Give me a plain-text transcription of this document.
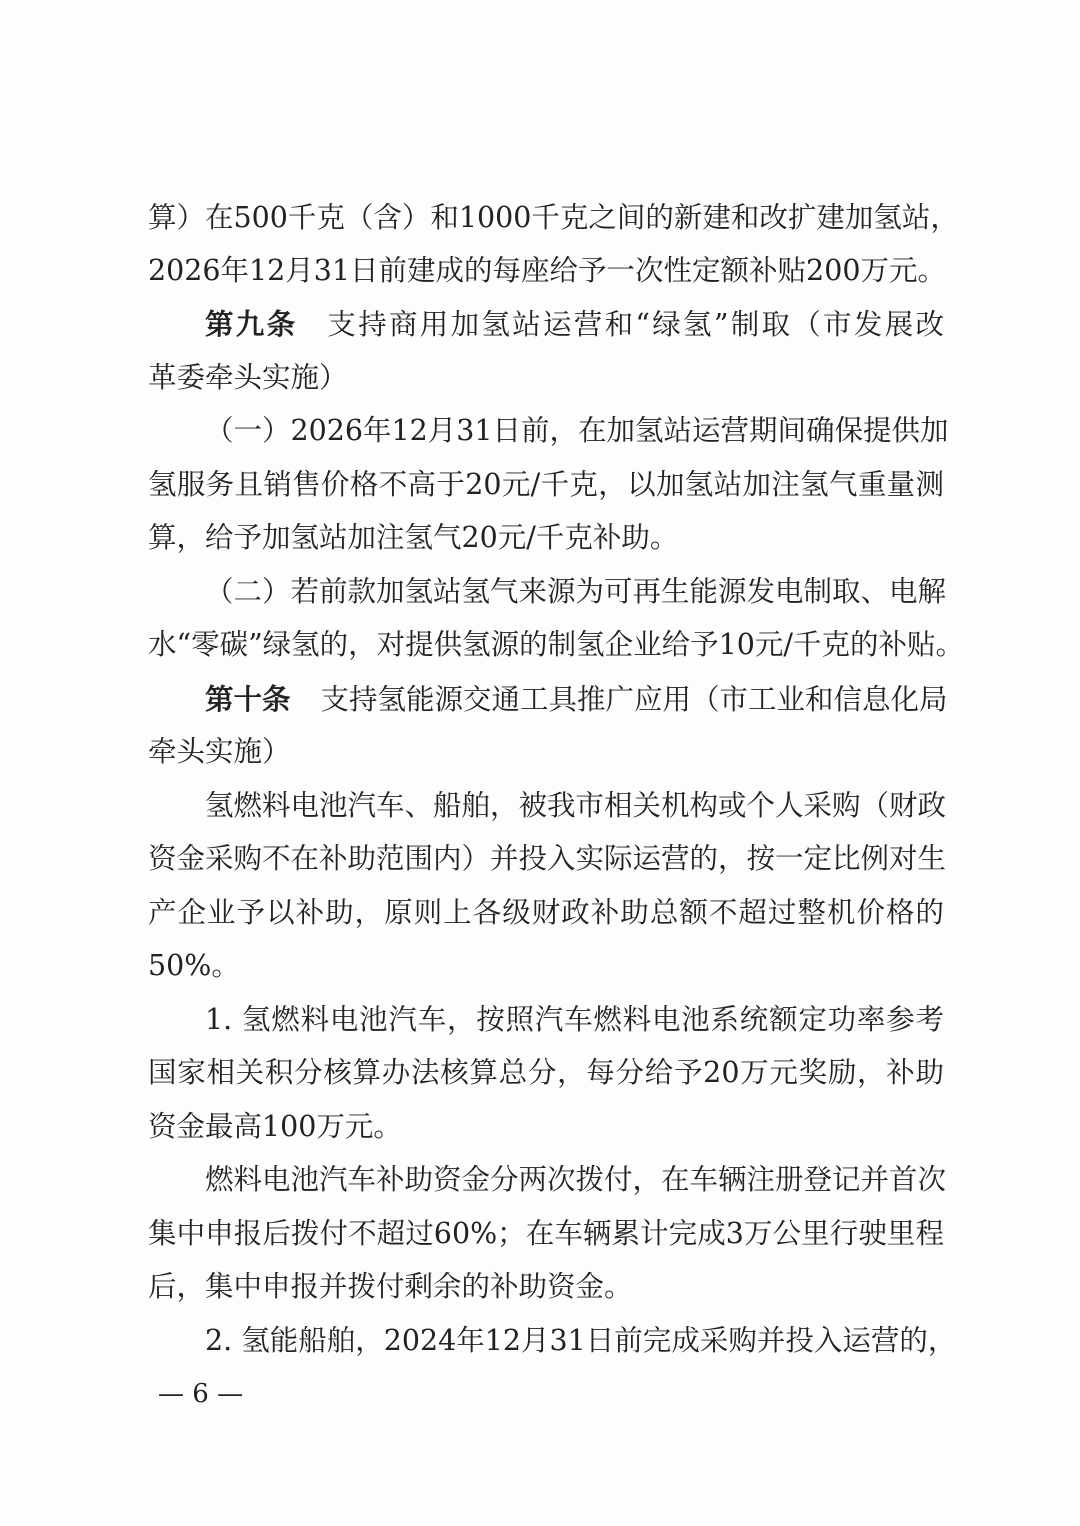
算）在500千克（含）和1000千克之间的新建和改扩建加氢站，
2026年12月31日前建成的每座给予一次性定额补贴200万元。
第九条 支持商用加氢站运营和“绿氢”制取（市发展改
革委牵头实施）
（一）2026年12月31日前，在加氢站运营期间确保提供加
氢服务且销售价格不高于20元/千克，以加氢站加注氢气重量测
算，给予加氢站加注氢气20元/千克补助。
（二）若前款加氢站氢气来源为可再生能源发电制取、电解
水“零碳”绿氢的，对提供氢源的制氢企业给予10元/千克的补贴。
第十条 支持氢能源交通工具推广应用（市工业和信息化局
牵头实施）
氢燃料电池汽车、船舶，被我市相关机构或个人采购（财政
资金采购不在补助范围内）并投入实际运营的，按一定比例对生
产企业予以补助，原则上各级财政补助总额不超过整机价格的
50%。
1. 氢燃料电池汽车，按照汽车燃料电池系统额定功率参考
国家相关积分核算办法核算总分，每分给予20万元奖励，补助
资金最高100万元。
燃料电池汽车补助资金分两次拨付，在车辆注册登记并首次
集中申报后拨付不超过60%；在车辆累计完成3万公里行驶里程
后，集中申报并拨付剩余的补助资金。
2. 氢能船舶，2024年12月31日前完成采购并投入运营的，
— 6 —
